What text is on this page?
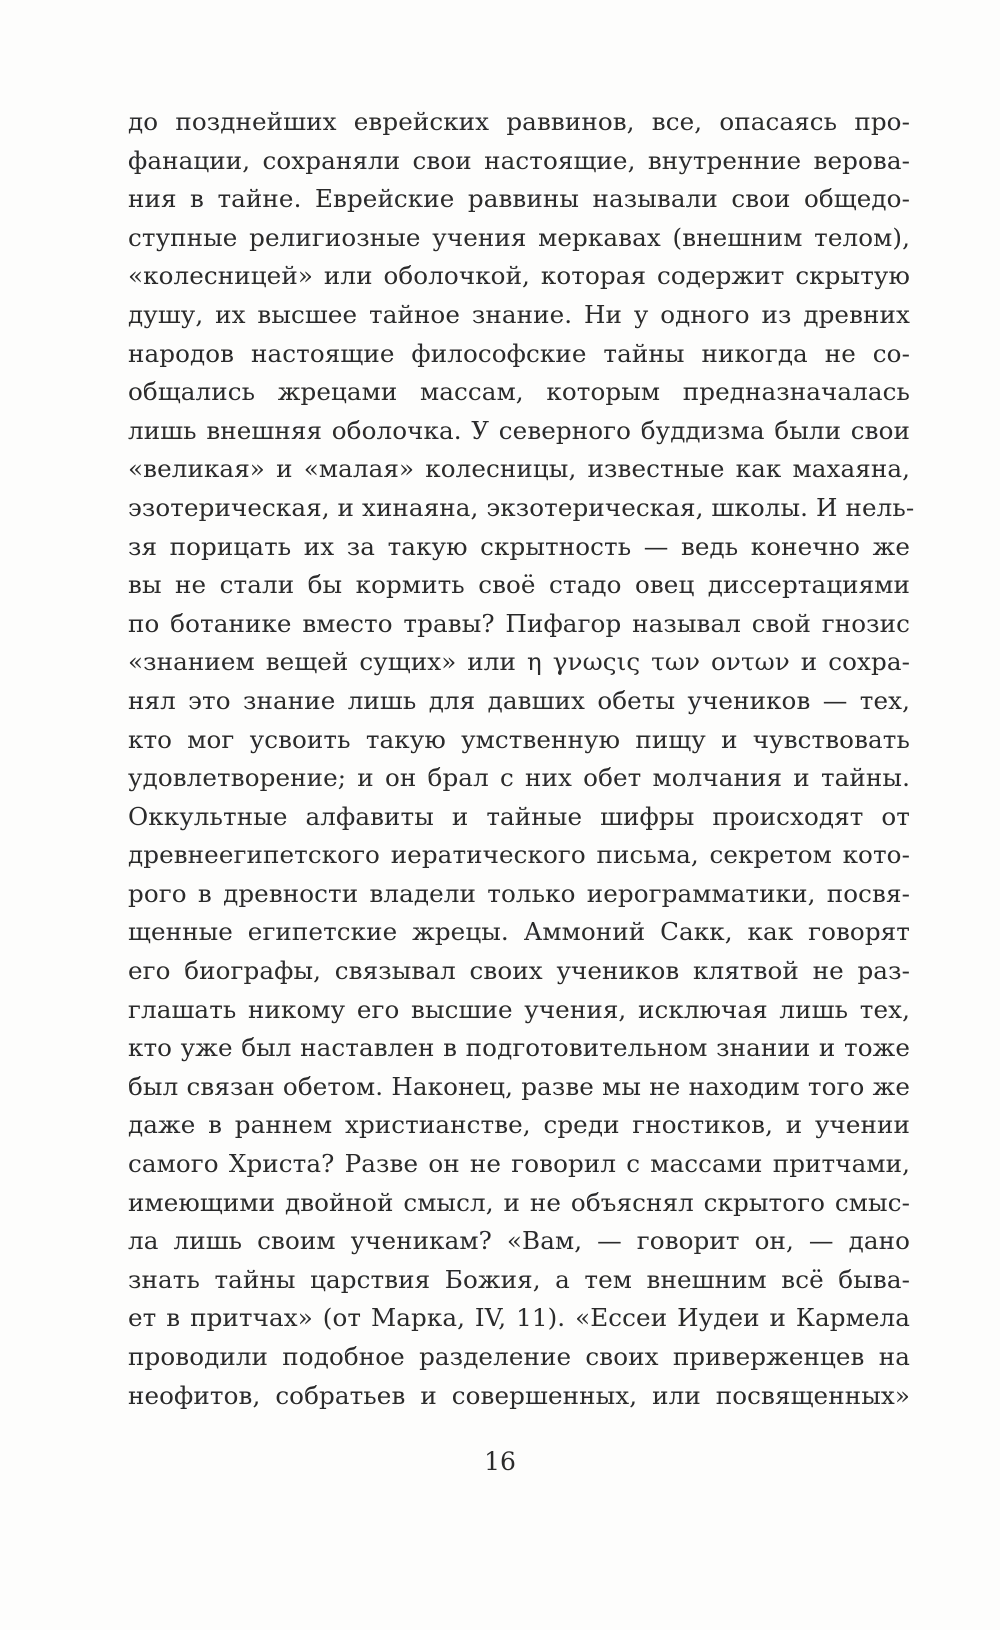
до позднейших еврейских раввинов, все, опасаясь про-
фанации, сохраняли свои настоящие, внутренние верова-
ния в тайне. Еврейские раввины называли свои общедо-
ступные религиозные учения меркавах (внешним телом),
«колесницей» или оболочкой, которая содержит скрытую
душу, их высшее тайное знание. Ни у одного из древних
народов настоящие философские тайны никогда не со-
общались жрецами массам, которым предназначалась
лишь внешняя оболочка. У северного буддизма были свои
«великая» и «малая» колесницы, известные как махаяна,
эзотерическая, и хинаяна, экзотерическая, школы. И нель-
зя порицать их за такую скрытность — ведь конечно же
вы не стали бы кормить своё стадо овец диссертациями
по ботанике вместо травы? Пифагор называл свой гнозис
«знанием вещей сущих» или η γνωςις των οντων и сохра-
нял это знание лишь для давших обеты учеников — тех,
кто мог усвоить такую умственную пищу и чувствовать
удовлетворение; и он брал с них обет молчания и тайны.
Оккультные алфавиты и тайные шифры происходят от
древнеегипетского иератического письма, секретом кото-
рого в древности владели только иерограмматики, посвя-
щенные египетские жрецы. Аммоний Сакк, как говорят
его биографы, связывал своих учеников клятвой не раз-
глашать никому его высшие учения, исключая лишь тех,
кто уже был наставлен в подготовительном знании и тоже
был связан обетом. Наконец, разве мы не находим того же
даже в раннем христианстве, среди гностиков, и учении
самого Христа? Разве он не говорил с массами притчами,
имеющими двойной смысл, и не объяснял скрытого смыс-
ла лишь своим ученикам? «Вам, — говорит он, — дано
знать тайны царствия Божия, а тем внешним всё быва-
ет в притчах» (от Марка, IV, 11). «Ессеи Иудеи и Кармела
проводили подобное разделение своих приверженцев на
неофитов, собратьев и совершенных, или посвященных»
16
